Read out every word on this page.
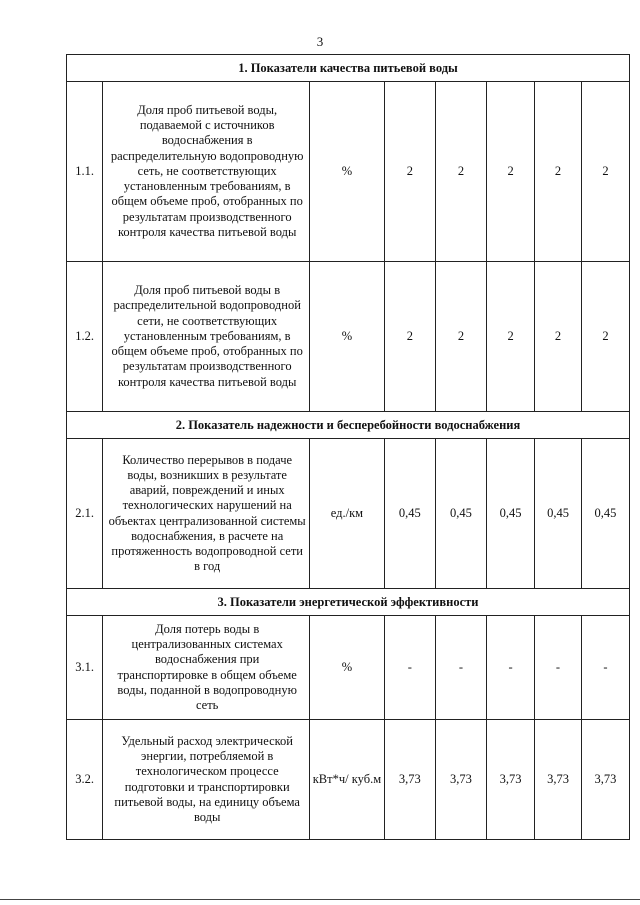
3
1. Показатели качества питьевой воды							
1.1.	Доля проб питьевой воды, подаваемой с источников водоснабжения в распределительную водопроводную сеть, не соответствующих установленным требованиям, в общем объеме проб, отобранных по результатам производственного контроля качества питьевой воды	%	2	2	2	2	2
1.2.	Доля проб питьевой воды в распределительной водопроводной сети, не соответствующих установленным требованиям, в общем объеме проб, отобранных по результатам производственного контроля качества питьевой воды	%	2	2	2	2	2
2. Показатель надежности и бесперебойности водоснабжения							
2.1.	Количество перерывов в подаче воды, возникших в результате аварий, повреждений и иных технологических нарушений на объектах централизованной системы водоснабжения, в расчете на протяженность водопроводной сети в год	ед./км	0,45	0,45	0,45	0,45	0,45
3. Показатели энергетической эффективности							
3.1.	Доля потерь воды в централизованных системах водоснабжения при транспортировке в общем объеме воды, поданной в водопроводную сеть	%	-	-	-	-	-
3.2.	Удельный расход электрической энергии, потребляемой в технологическом процессе подготовки и транспортировки питьевой воды, на единицу объема воды	кВт*ч/ куб.м	3,73	3,73	3,73	3,73	3,73
